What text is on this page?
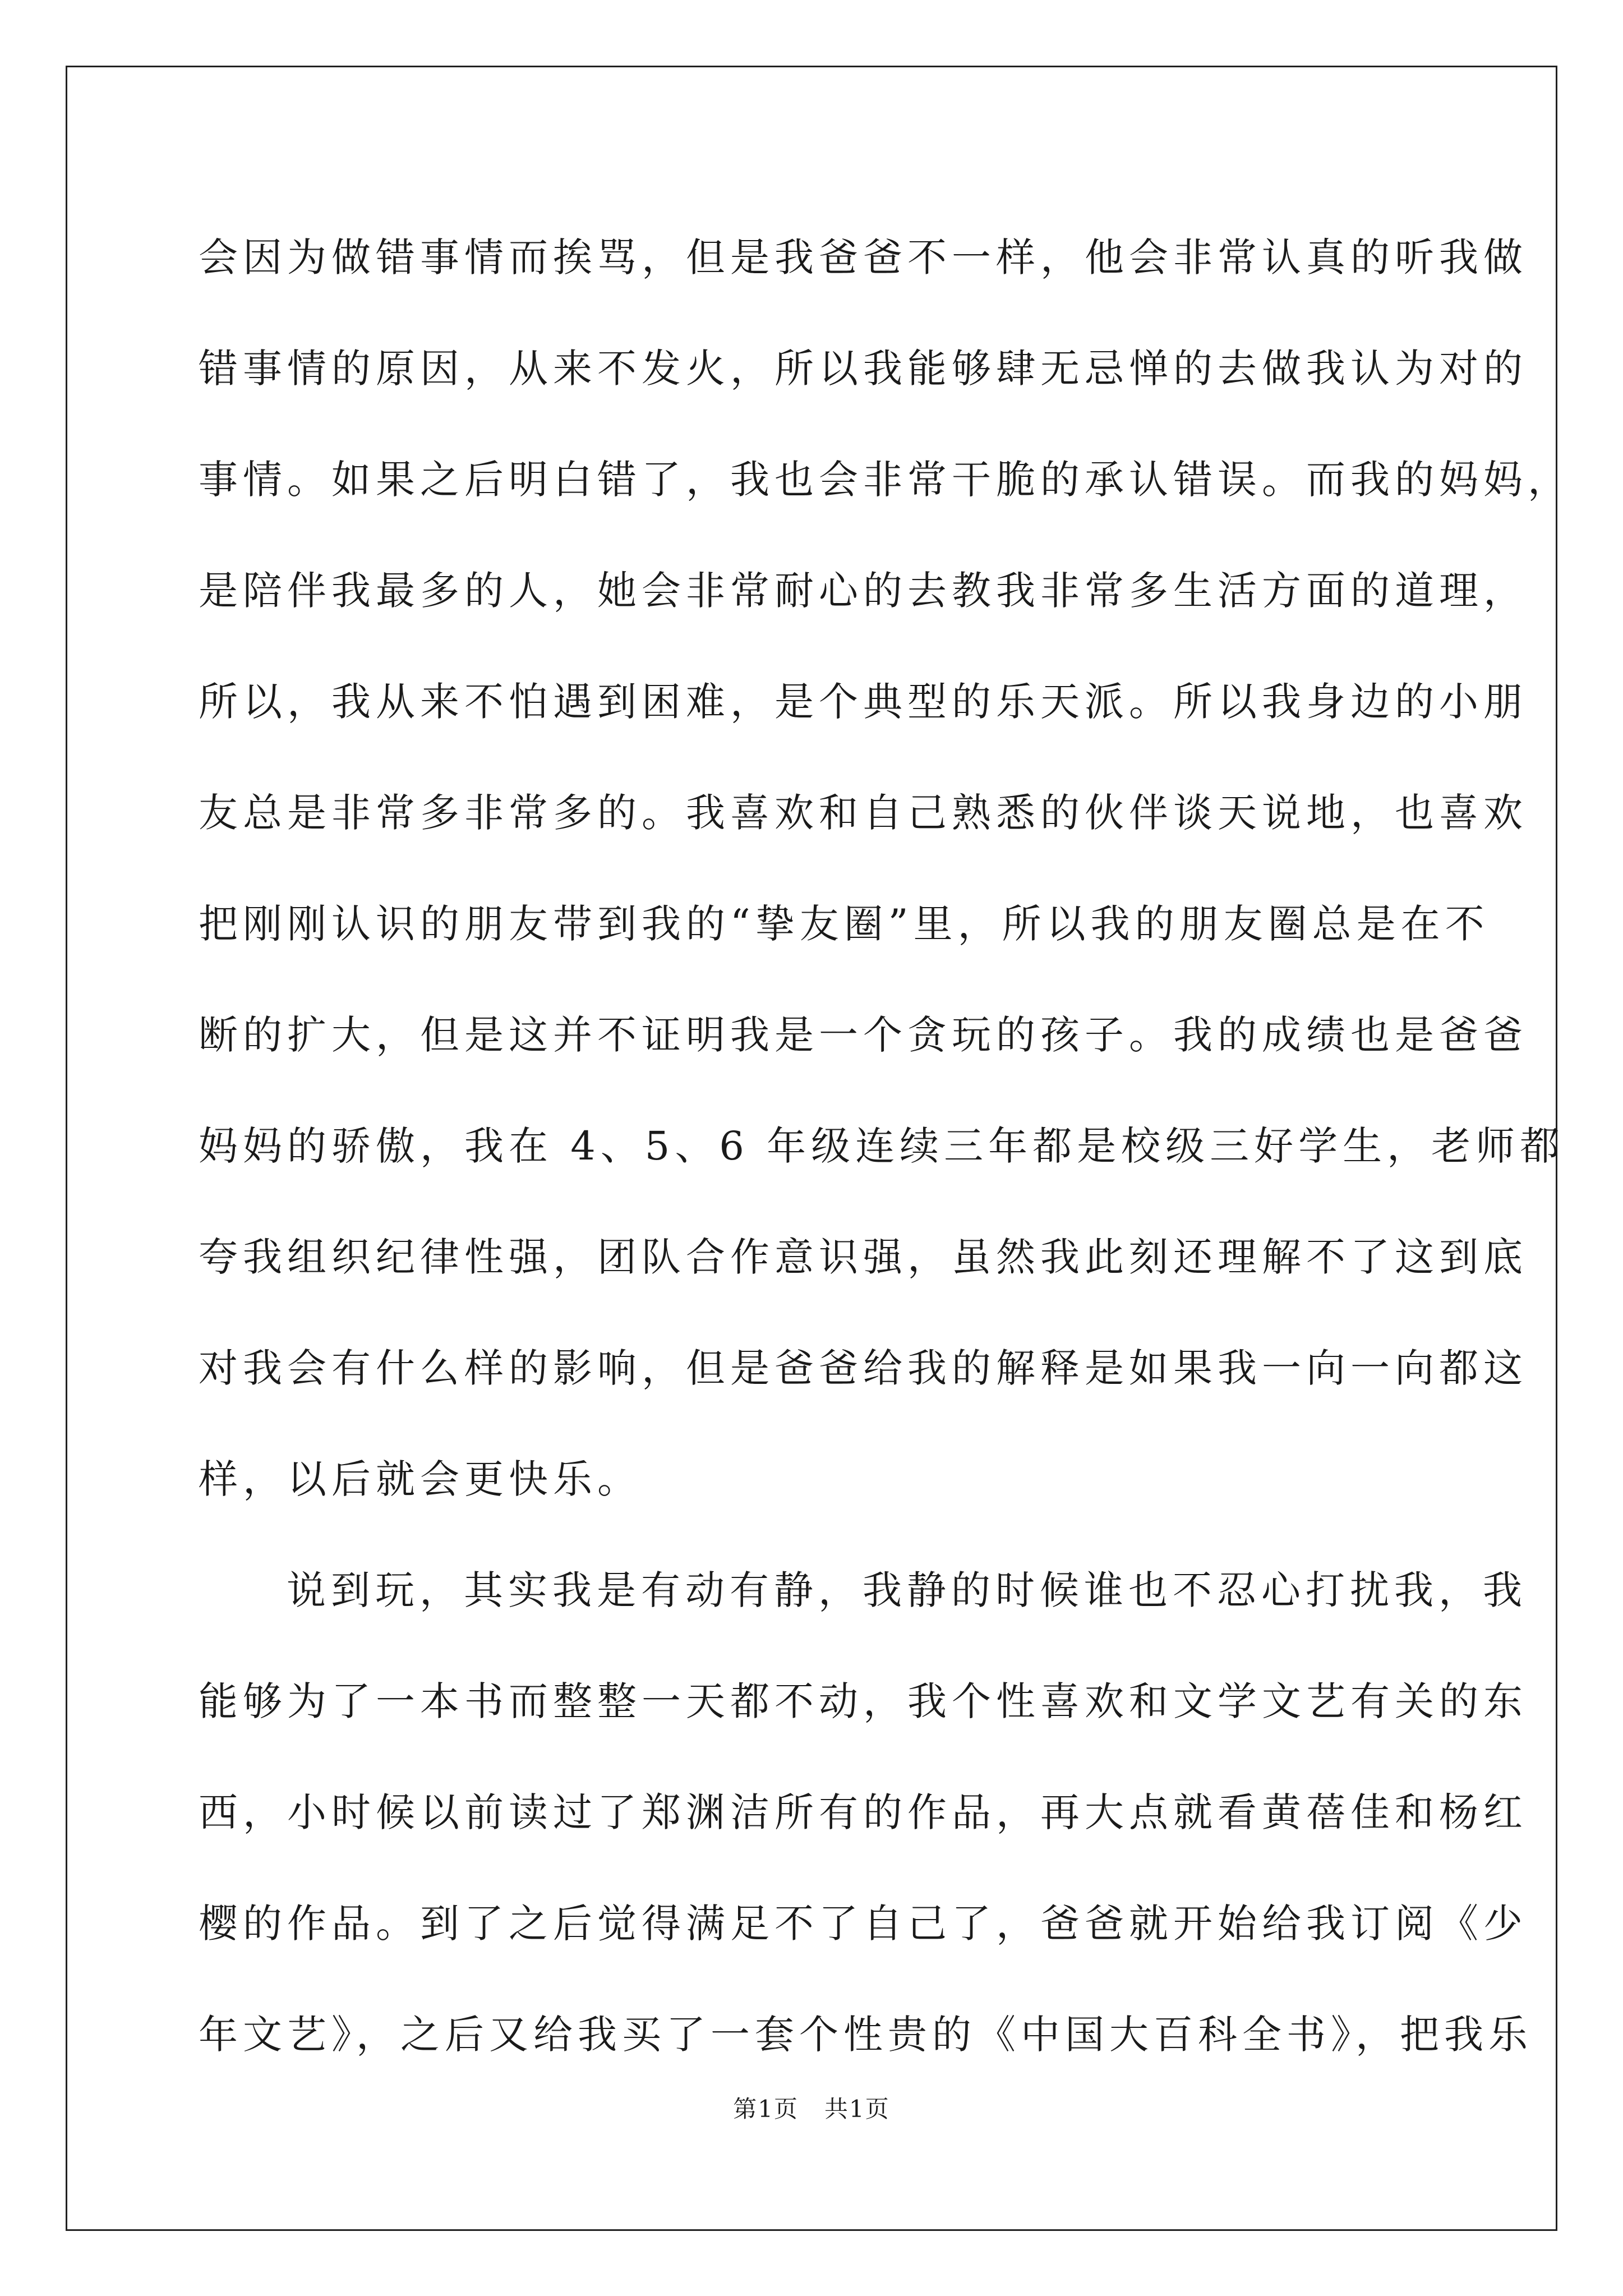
会因为做错事情而挨骂，但是我爸爸不一样，他会非常认真的听我做
错事情的原因，从来不发火，所以我能够肆无忌惮的去做我认为对的
事情。如果之后明白错了，我也会非常干脆的承认错误。而我的妈妈，
是陪伴我最多的人，她会非常耐心的去教我非常多生活方面的道理，
所以，我从来不怕遇到困难，是个典型的乐天派。所以我身边的小朋
友总是非常多非常多的。我喜欢和自己熟悉的伙伴谈天说地，也喜欢
把刚刚认识的朋友带到我的“挚友圈”里，所以我的朋友圈总是在不
断的扩大，但是这并不证明我是一个贪玩的孩子。我的成绩也是爸爸
妈妈的骄傲，我在 4、5、6 年级连续三年都是校级三好学生，老师都
夸我组织纪律性强，团队合作意识强，虽然我此刻还理解不了这到底
对我会有什么样的影响，但是爸爸给我的解释是如果我一向一向都这
样，以后就会更快乐。
说到玩，其实我是有动有静，我静的时候谁也不忍心打扰我，我
能够为了一本书而整整一天都不动，我个性喜欢和文学文艺有关的东
西，小时候以前读过了郑渊洁所有的作品，再大点就看黄蓓佳和杨红
樱的作品。到了之后觉得满足不了自己了，爸爸就开始给我订阅《少
年文艺》，之后又给我买了一套个性贵的《中国大百科全书》，把我乐
第1页   共1页
